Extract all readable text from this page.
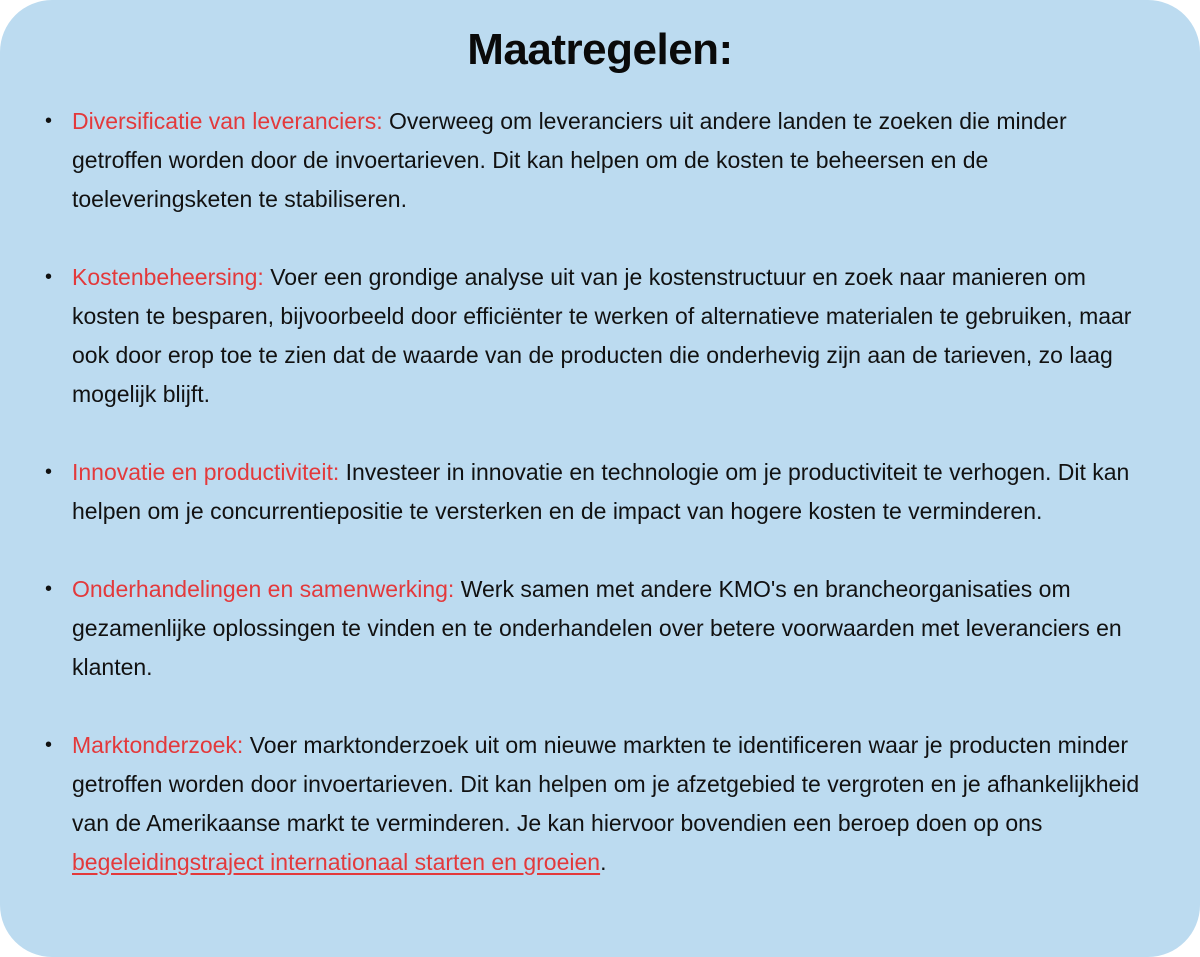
Maatregelen:
• Diversificatie van leveranciers: Overweeg om leveranciers uit andere landen te zoeken die minder getroffen worden door de invoertarieven. Dit kan helpen om de kosten te beheersen en de toeleveringsketen te stabiliseren.
• Kostenbeheersing: Voer een grondige analyse uit van je kostenstructuur en zoek naar manieren om kosten te besparen, bijvoorbeeld door efficiënter te werken of alternatieve materialen te gebruiken, maar ook door erop toe te zien dat de waarde van de producten die onderhevig zijn aan de tarieven, zo laag mogelijk blijft.
• Innovatie en productiviteit: Investeer in innovatie en technologie om je productiviteit te verhogen. Dit kan helpen om je concurrentiepositie te versterken en de impact van hogere kosten te verminderen.
• Onderhandelingen en samenwerking: Werk samen met andere KMO's en brancheorganisaties om gezamenlijke oplossingen te vinden en te onderhandelen over betere voorwaarden met leveranciers en klanten.
• Marktonderzoek: Voer marktonderzoek uit om nieuwe markten te identificeren waar je producten minder getroffen worden door invoertarieven. Dit kan helpen om je afzetgebied te vergroten en je afhankelijkheid van de Amerikaanse markt te verminderen. Je kan hiervoor bovendien een beroep doen op ons begeleidingstraject internationaal starten en groeien.
